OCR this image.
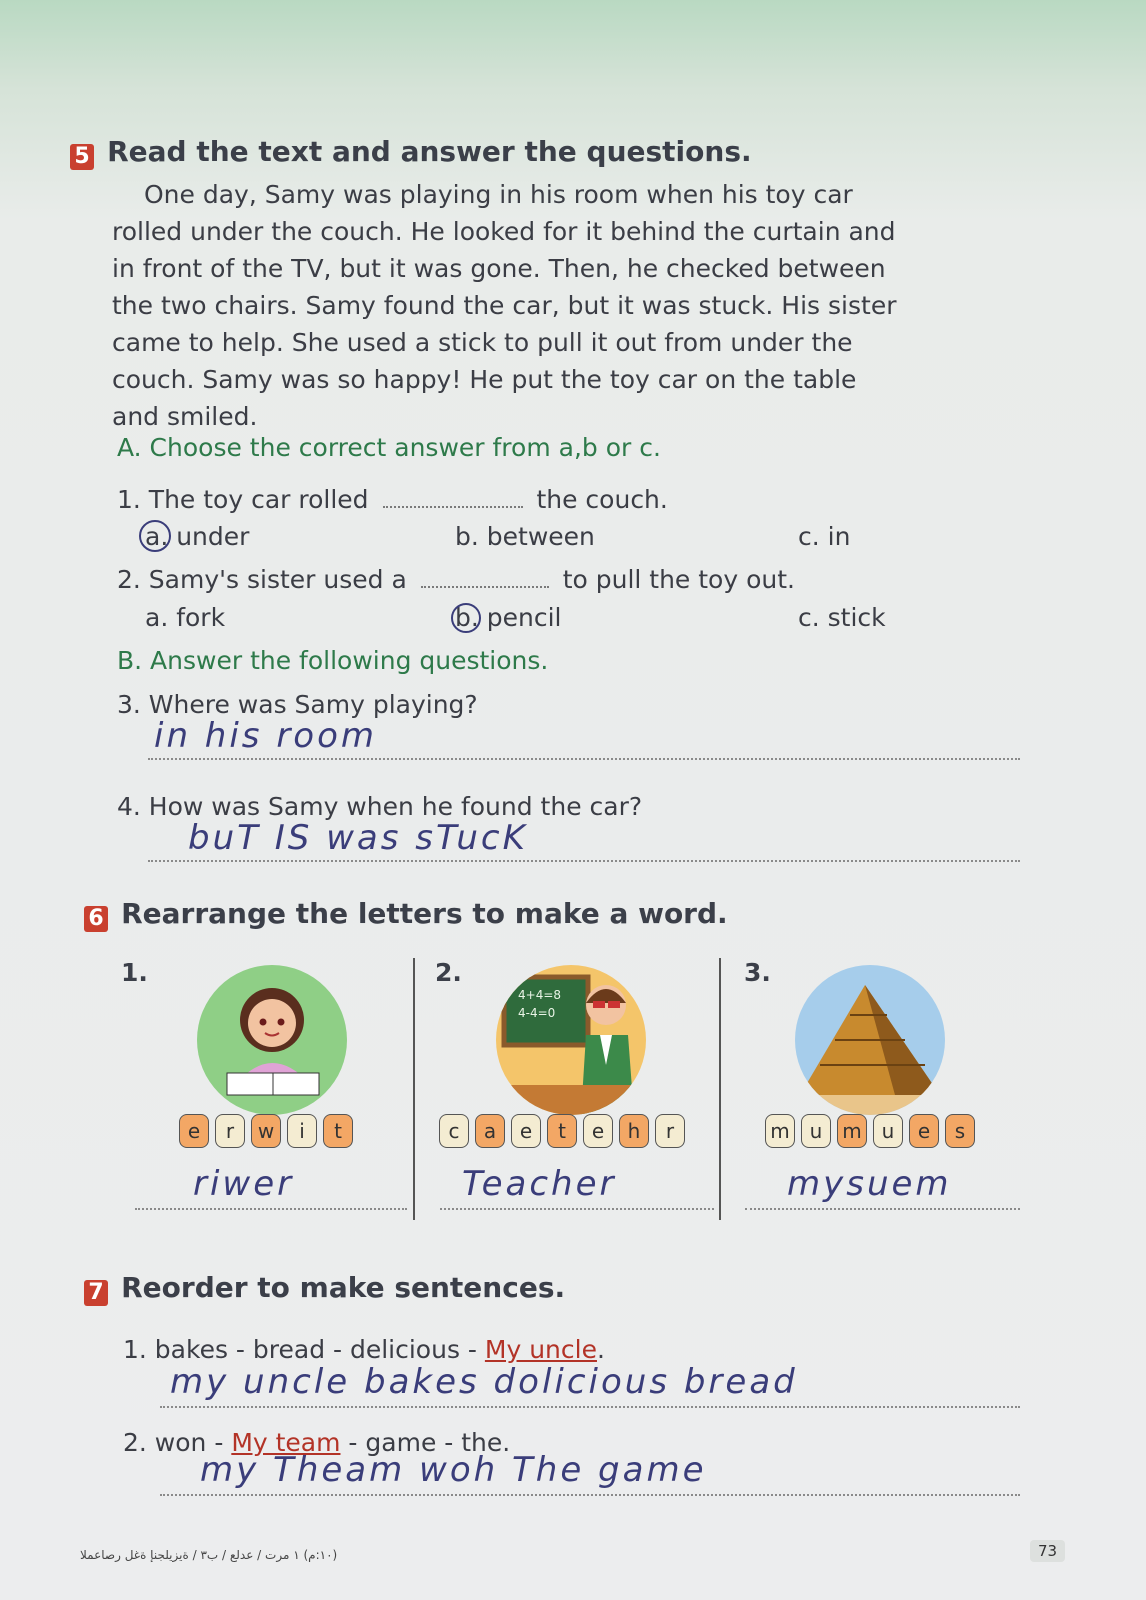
5 Read the text and answer the questions.
One day, Samy was playing in his room when his toy car
rolled under the couch. He looked for it behind the curtain and
in front of the TV, but it was gone. Then, he checked between
the two chairs. Samy found the car, but it was stuck. His sister
came to help. She used a stick to pull it out from under the
couch. Samy was so happy! He put the toy car on the table
and smiled.
A. Choose the correct answer from a,b or c.
1. The toy car rolled	the couch.
a. under	b. between	c. in
2. Samy's sister used a	to pull the toy out.
a. fork	b. pencil	c. stick
B. Answer the following questions.
3. Where was Samy playing?
in his room
4. How was Samy when he found the car?
buT IS was sTucK
6 Rearrange the letters to make a word.
1.
e r w i t
riwer
2.
4+4=8
4-4=0
c a e t e h r
Teacher
3.
m u m u e s
mysuem
7 Reorder to make sentences.
1. bakes - bread - delicious - My uncle.
my uncle bakes dolicious bread
2. won - My team - game - the.
my Theam woh The game
(١٠:م) ١ مرت / عدلع / ب٣ / ةيزيلجنإ ةغل رصاعملا	73
